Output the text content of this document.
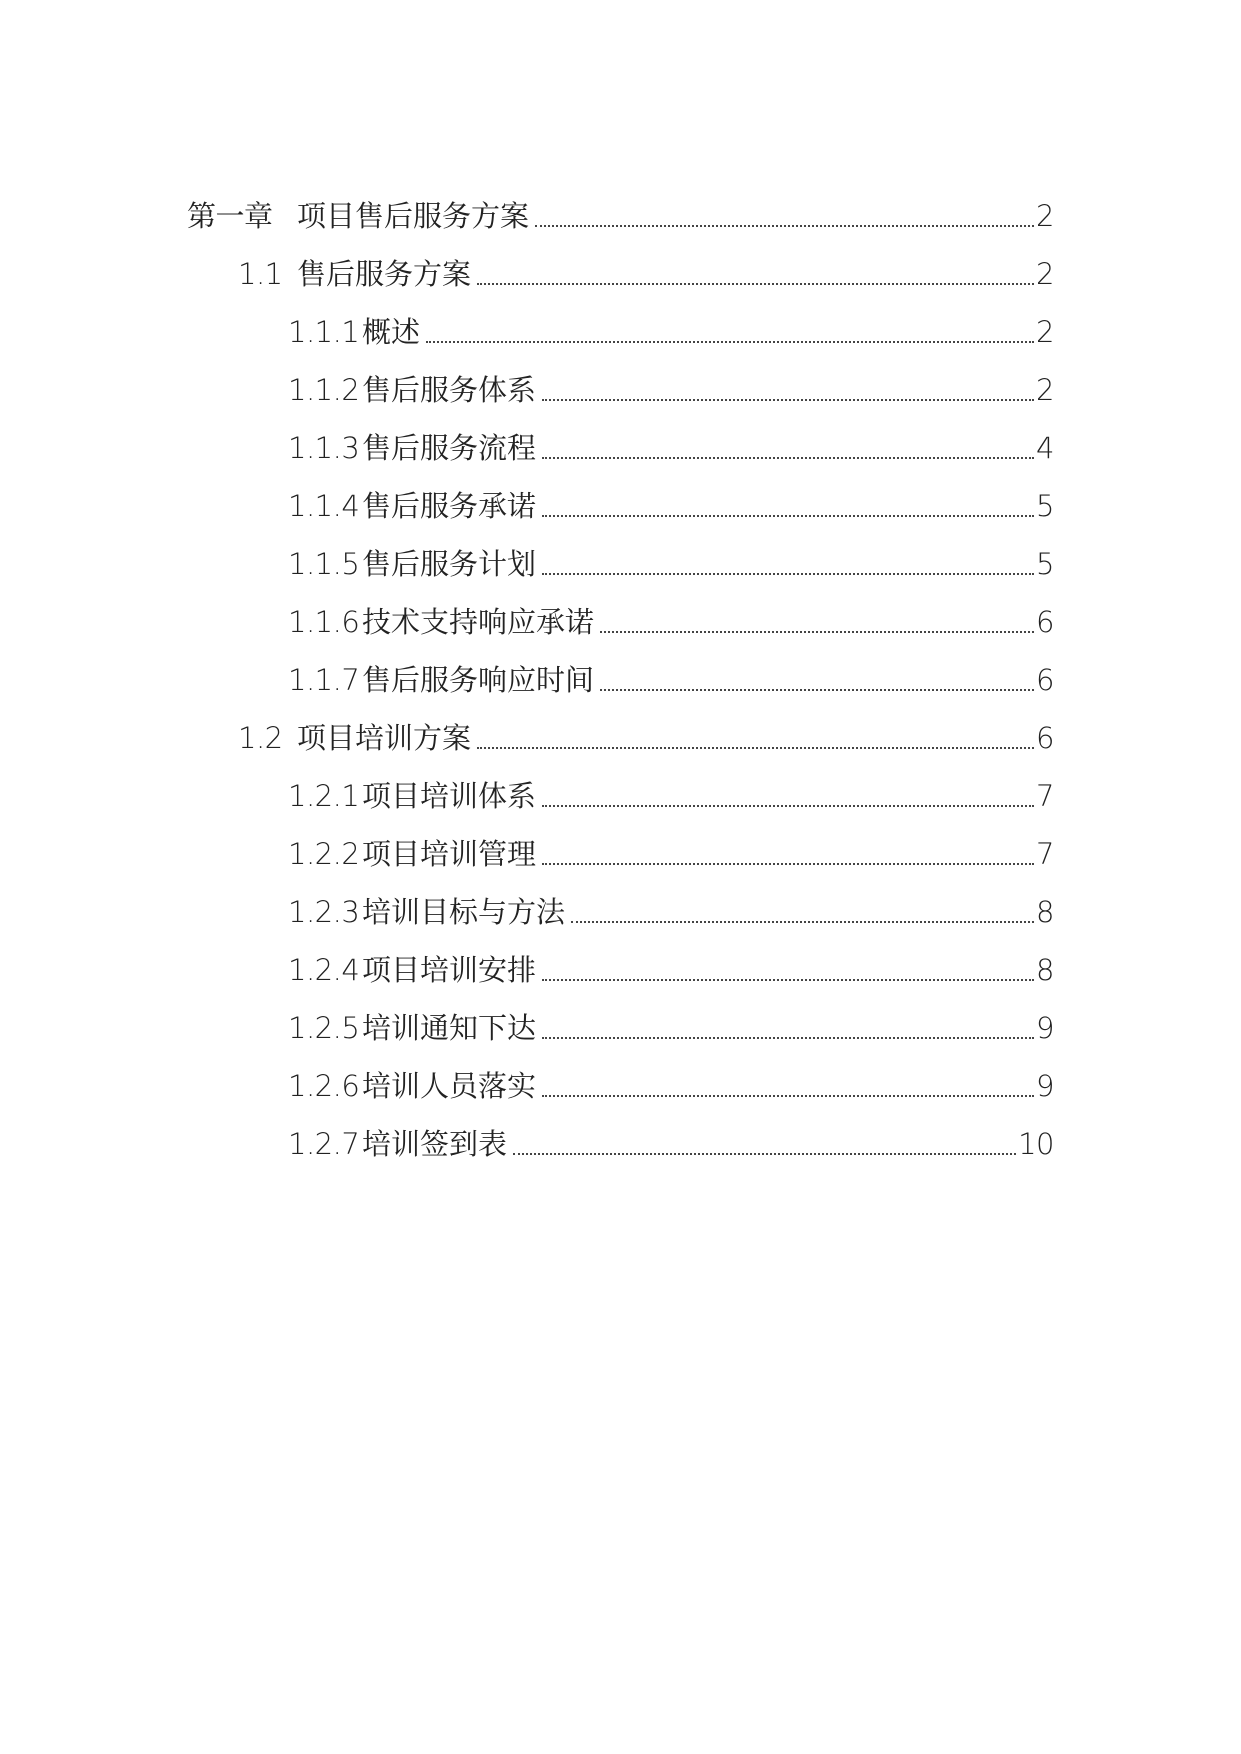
第一章 项目售后服务方案	2
1.1 售后服务方案	2
1.1.1 概述	2
1.1.2 售后服务体系	2
1.1.3 售后服务流程	4
1.1.4 售后服务承诺	5
1.1.5 售后服务计划	5
1.1.6 技术支持响应承诺	6
1.1.7 售后服务响应时间	6
1.2 项目培训方案	6
1.2.1 项目培训体系	7
1.2.2 项目培训管理	7
1.2.3 培训目标与方法	8
1.2.4 项目培训安排	8
1.2.5 培训通知下达	9
1.2.6 培训人员落实	9
1.2.7 培训签到表	10
